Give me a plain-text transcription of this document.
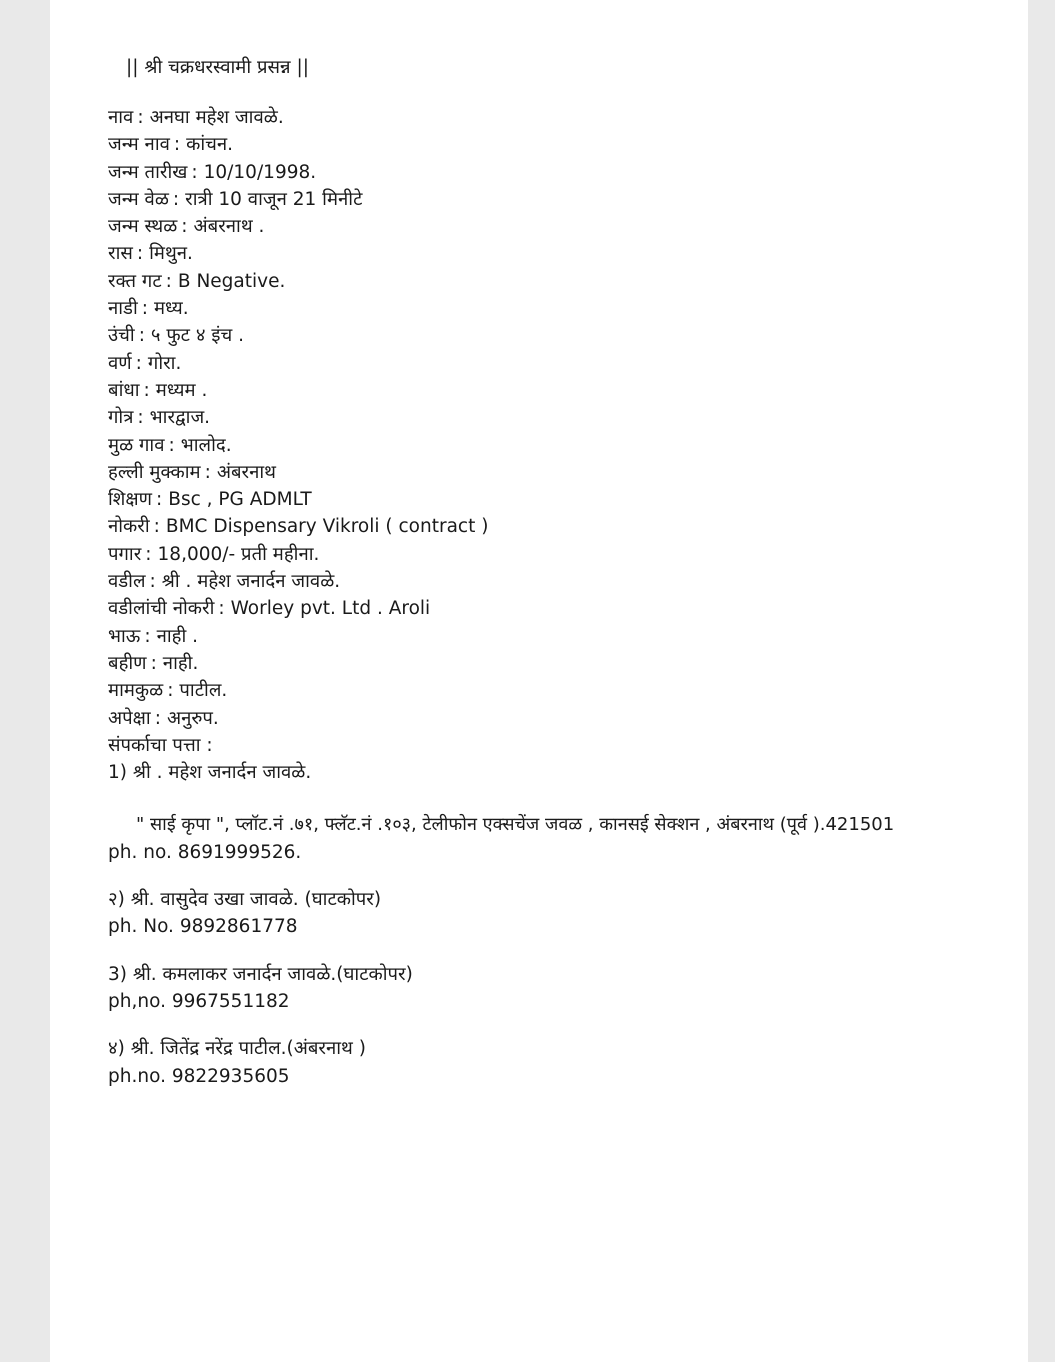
|| श्री चक्रधरस्वामी प्रसन्न ||
नाव : अनघा महेश जावळे.
जन्म नाव : कांचन.
जन्म तारीख : 10/10/1998.
जन्म वेळ : रात्री 10 वाजून 21 मिनीटे
जन्म स्थळ : अंबरनाथ .
रास : मिथुन.
रक्त गट : B Negative.
नाडी : मध्य.
उंची : ५ फुट ४ इंच .
वर्ण : गोरा.
बांधा : मध्यम .
गोत्र : भारद्वाज.
मुळ गाव : भालोद.
हल्ली मुक्काम : अंबरनाथ
शिक्षण : Bsc , PG ADMLT
नोकरी : BMC Dispensary Vikroli ( contract )
पगार : 18,000/- प्रती महीना.
वडील : श्री . महेश जनार्दन जावळे.
वडीलांची नोकरी : Worley pvt. Ltd . Aroli
भाऊ : नाही .
बहीण : नाही.
मामकुळ : पाटील.
अपेक्षा : अनुरुप.
संपर्काचा पत्ता :
1) श्री . महेश जनार्दन जावळे.
" साई कृपा ", प्लॉट.नं .७१, फ्लॅट.नं .१०३, टेलीफोन एक्सचेंज जवळ , कानसई सेक्शन , अंबरनाथ (पूर्व ).421501
ph. no. 8691999526.
२) श्री. वासुदेव उखा जावळे. (घाटकोपर)
ph. No. 9892861778
3) श्री. कमलाकर जनार्दन जावळे.(घाटकोपर)
ph,no. 9967551182
४) श्री. जितेंद्र नरेंद्र पाटील.(अंबरनाथ )
ph.no. 9822935605
